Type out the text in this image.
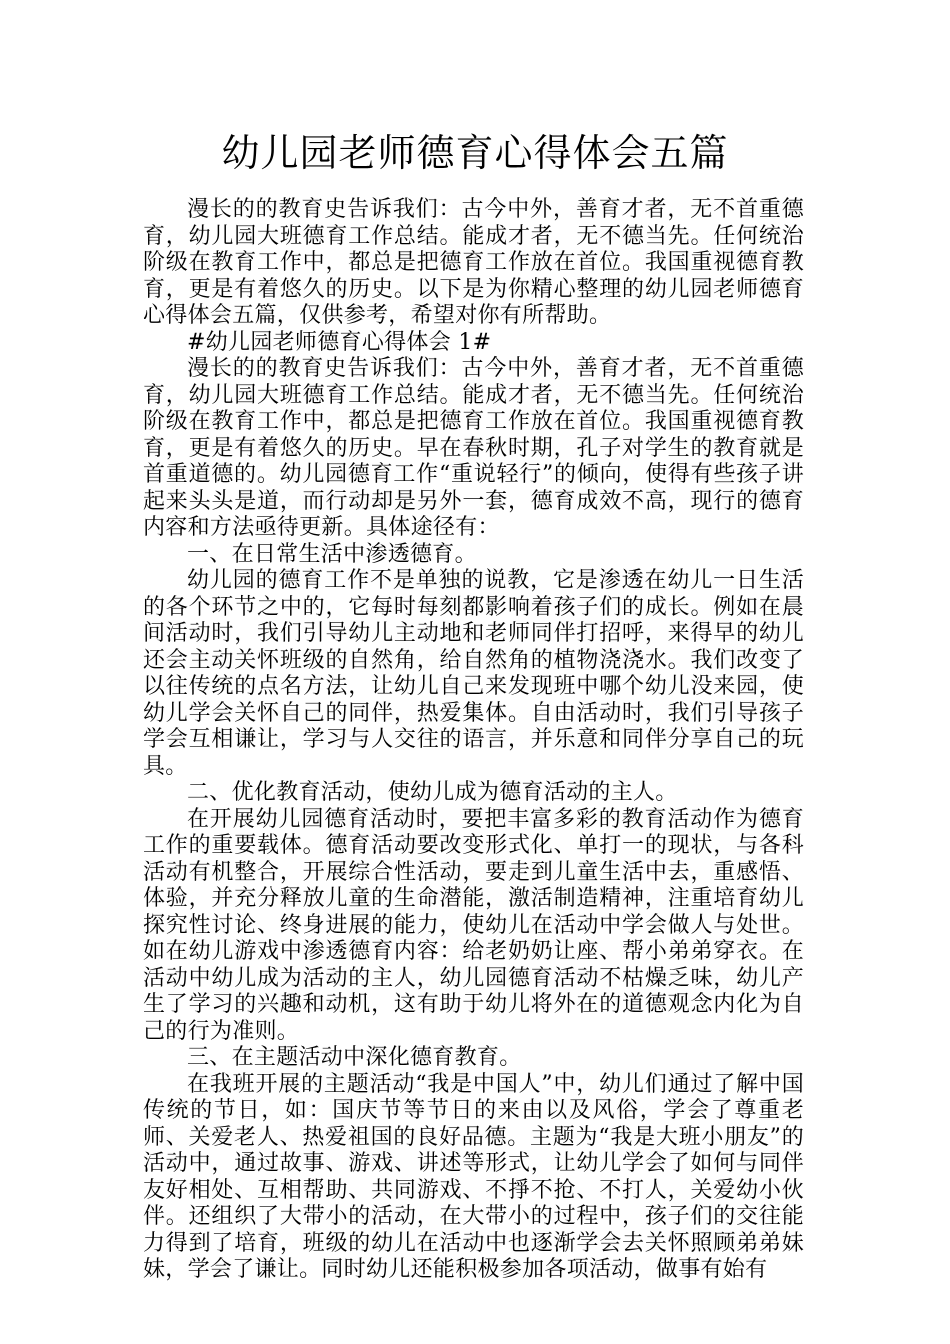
幼儿园老师德育心得体会五篇

漫长的的教育史告诉我们：古今中外，善育才者，无不首重德育，幼儿园大班德育工作总结。能成才者，无不德当先。任何统治阶级在教育工作中，都总是把德育工作放在首位。我国重视德育教育，更是有着悠久的历史。以下是为你精心整理的幼儿园老师德育心得体会五篇，仅供参考，希望对你有所帮助。

#幼儿园老师德育心得体会 1#

漫长的的教育史告诉我们：古今中外，善育才者，无不首重德育，幼儿园大班德育工作总结。能成才者，无不德当先。任何统治阶级在教育工作中，都总是把德育工作放在首位。我国重视德育教育，更是有着悠久的历史。早在春秋时期，孔子对学生的教育就是首重道德的。幼儿园德育工作“重说轻行”的倾向，使得有些孩子讲起来头头是道，而行动却是另外一套，德育成效不高，现行的德育内容和方法亟待更新。具体途径有：

一、在日常生活中渗透德育。

幼儿园的德育工作不是单独的说教，它是渗透在幼儿一日生活的各个环节之中的，它每时每刻都影响着孩子们的成长。例如在晨间活动时，我们引导幼儿主动地和老师同伴打招呼，来得早的幼儿还会主动关怀班级的自然角，给自然角的植物浇浇水。我们改变了以往传统的点名方法，让幼儿自己来发现班中哪个幼儿没来园，使幼儿学会关怀自己的同伴，热爱集体。自由活动时，我们引导孩子学会互相谦让，学习与人交往的语言，并乐意和同伴分享自己的玩具。

二、优化教育活动，使幼儿成为德育活动的主人。

在开展幼儿园德育活动时，要把丰富多彩的教育活动作为德育工作的重要载体。德育活动要改变形式化、单打一的现状，与各科活动有机整合，开展综合性活动，要走到儿童生活中去，重感悟、体验，并充分释放儿童的生命潜能，激活制造精神，注重培育幼儿探究性讨论、终身进展的能力，使幼儿在活动中学会做人与处世。如在幼儿游戏中渗透德育内容：给老奶奶让座、帮小弟弟穿衣。在活动中幼儿成为活动的主人，幼儿园德育活动不枯燥乏味，幼儿产生了学习的兴趣和动机，这有助于幼儿将外在的道德观念内化为自己的行为准则。

三、在主题活动中深化德育教育。

在我班开展的主题活动“我是中国人”中，幼儿们通过了解中国传统的节日，如：国庆节等节日的来由以及风俗，学会了尊重老师、关爱老人、热爱祖国的良好品德。主题为“我是大班小朋友”的活动中，通过故事、游戏、讲述等形式，让幼儿学会了如何与同伴友好相处、互相帮助、共同游戏、不掙不抢、不打人，关爱幼小伙伴。还组织了大带小的活动，在大带小的过程中，孩子们的交往能力得到了培育，班级的幼儿在活动中也逐渐学会去关怀照顾弟弟妹妹，学会了谦让。同时幼儿还能积极参加各项活动，做事有始有
